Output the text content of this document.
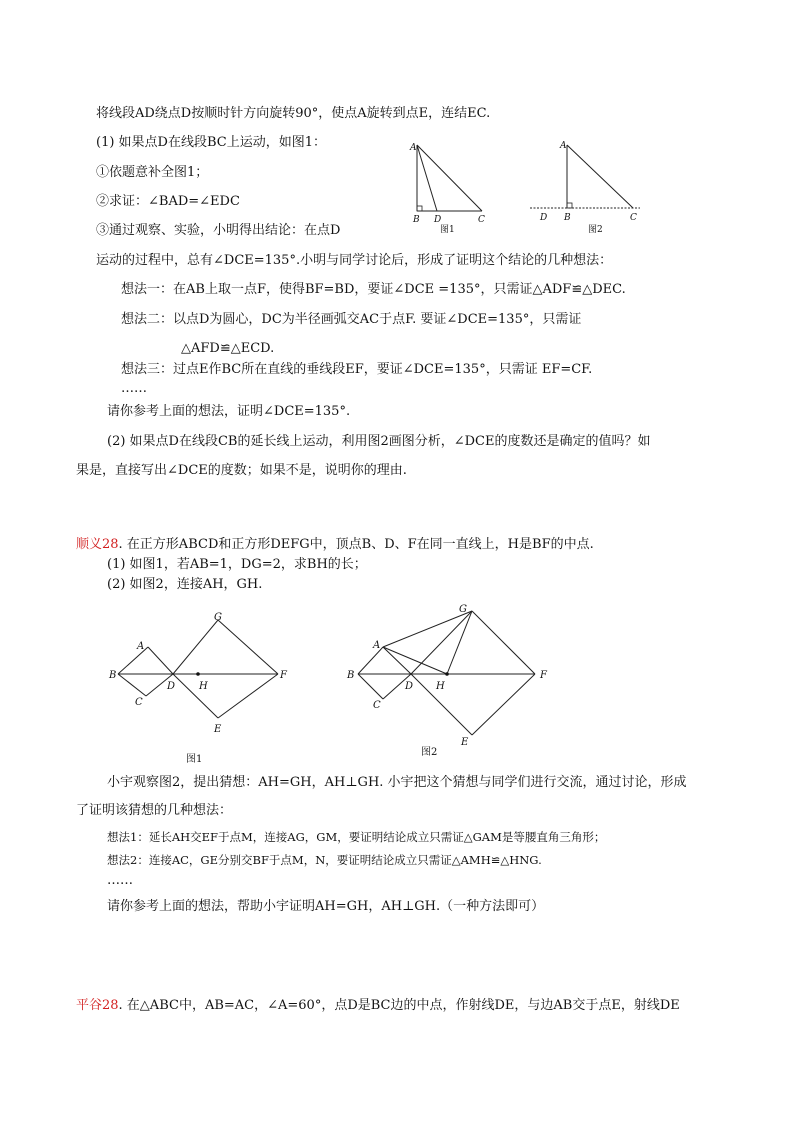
将线段AD绕点D按顺时针方向旋转90°，使点A旋转到点E，连结EC.
(1) 如果点D在线段BC上运动，如图1：
①依题意补全图1；
②求证：∠BAD=∠EDC
③通过观察、实验，小明得出结论：在点D
运动的过程中，总有∠DCE=135°.小明与同学讨论后，形成了证明这个结论的几种想法：
想法一：在AB上取一点F，使得BF=BD，要证∠DCE =135°，只需证△ADF≌△DEC.
想法二：以点D为圆心，DC为半径画弧交AC于点F. 要证∠DCE=135°，只需证
△AFD≌△ECD.
想法三：过点E作BC所在直线的垂线段EF，要证∠DCE=135°，只需证 EF=CF.
……
请你参考上面的想法，证明∠DCE=135°.
(2) 如果点D在线段CB的延长线上运动，利用图2画图分析，∠DCE的度数还是确定的值吗？如
果是，直接写出∠DCE的度数；如果不是，说明你的理由.
A
B D	C
图1
A
D B	C
图2
顺义28. 在正方形ABCD和正方形DEFG中，顶点B、D、F在同一直线上，H是BF的中点.
(1) 如图1，若AB=1，DG=2，求BH的长；
(2) 如图2，连接AH，GH.
A
B
C
D H
G
F
E
图1
A
B
C
D H
G
F
E
图2
小宇观察图2，提出猜想：AH=GH，AH⊥GH. 小宇把这个猜想与同学们进行交流，通过讨论，形成
了证明该猜想的几种想法：
想法1：延长AH交EF于点M，连接AG，GM，要证明结论成立只需证△GAM是等腰直角三角形；
想法2：连接AC，GE分别交BF于点M，N，要证明结论成立只需证△AMH≌△HNG.
……
请你参考上面的想法，帮助小宇证明AH=GH，AH⊥GH.（一种方法即可）
平谷28. 在△ABC中，AB=AC，∠A=60°，点D是BC边的中点，作射线DE，与边AB交于点E，射线DE
